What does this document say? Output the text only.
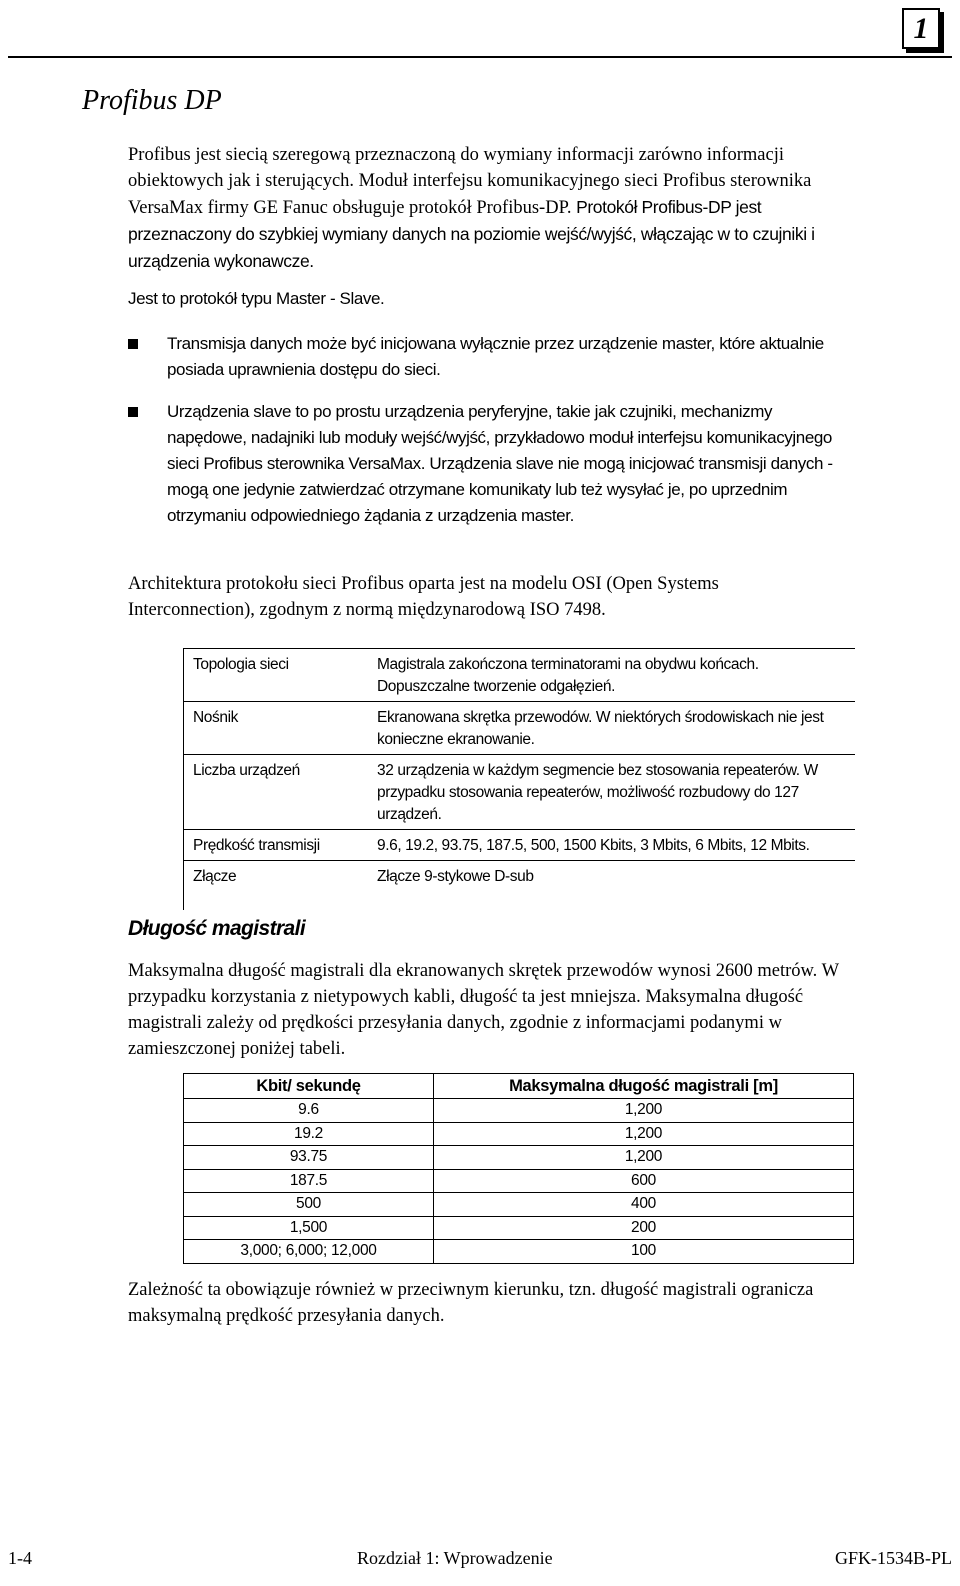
1
Profibus DP

Profibus jest siecią szeregową przeznaczoną do wymiany informacji zarówno informacji obiektowych jak i sterujących. Moduł interfejsu komunikacyjnego sieci Profibus sterownika VersaMax firmy GE Fanuc obsługuje protokół Profibus-DP. Protokół Profibus-DP jest przeznaczony do szybkiej wymiany danych na poziomie wejść/wyjść, włączając w to czujniki i urządzenia wykonawcze.

Jest to protokół typu Master - Slave.

Transmisja danych może być inicjowana wyłącznie przez urządzenie master, które aktualnie posiada uprawnienia dostępu do sieci.
Urządzenia slave to po prostu urządzenia peryferyjne, takie jak czujniki, mechanizmy napędowe, nadajniki lub moduły wejść/wyjść, przykładowo moduł interfejsu komunikacyjnego sieci Profibus sterownika VersaMax. Urządzenia slave nie mogą inicjować transmisji danych - mogą one jedynie zatwierdzać otrzymane komunikaty lub też wysyłać je, po uprzednim otrzymaniu odpowiedniego żądania z urządzenia master.

Architektura protokołu sieci Profibus oparta jest na modelu OSI (Open Systems Interconnection), zgodnym z normą międzynarodową ISO 7498.

Topologia sieci	Magistrala zakończona terminatorami na obydwu końcach. Dopuszczalne tworzenie odgałęzień.
Nośnik	Ekranowana skrętka przewodów. W niektórych środowiskach nie jest konieczne ekranowanie.
Liczba urządzeń	32 urządzenia w każdym segmencie bez stosowania repeaterów. W przypadku stosowania repeaterów, możliwość rozbudowy do 127 urządzeń.
Prędkość transmisji	9.6, 19.2, 93.75, 187.5, 500, 1500 Kbits, 3 Mbits, 6 Mbits, 12 Mbits.
Złącze	Złącze 9-stykowe D-sub
Długość magistrali

Maksymalna długość magistrali dla ekranowanych skrętek przewodów wynosi 2600 metrów. W przypadku korzystania z nietypowych kabli, długość ta jest mniejsza. Maksymalna długość magistrali zależy od prędkości przesyłania danych, zgodnie z informacjami podanymi w zamieszczonej poniżej tabeli.

Kbit/ sekundę	Maksymalna długość magistrali [m]
9.6	1,200
19.2	1,200
93.75	1,200
187.5	600
500	400
1,500	200
3,000; 6,000; 12,000	100

Zależność ta obowiązuje również w przeciwnym kierunku, tzn. długość magistrali ogranicza maksymalną prędkość przesyłania danych.

1-4	Rozdział 1: Wprowadzenie	GFK-1534B-PL
